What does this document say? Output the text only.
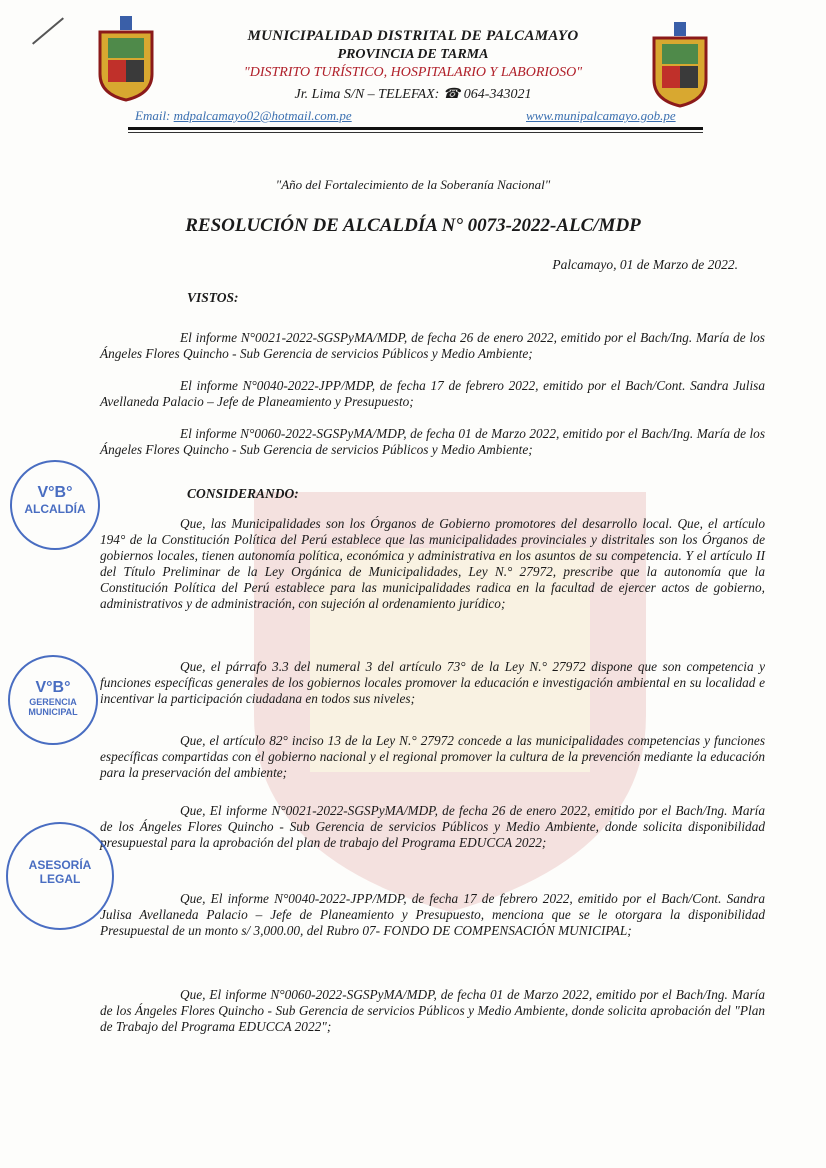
MUNICIPALIDAD DISTRITAL DE PALCAMAYO
PROVINCIA DE TARMA
"DISTRITO TURÍSTICO, HOSPITALARIO Y LABORIOSO"
Jr. Lima S/N – TELEFAX: ☎ 064-343021
Email: mdpalcamayo02@hotmail.com.pe	www.munipalcamayo.gob.pe
"Año del Fortalecimiento de la Soberanía Nacional"
RESOLUCIÓN DE ALCALDÍA N° 0073-2022-ALC/MDP
Palcamayo, 01 de Marzo de 2022.
VISTOS:
El informe N°0021-2022-SGSPyMA/MDP, de fecha 26 de enero 2022, emitido por el Bach/Ing. María de los Ángeles Flores Quincho - Sub Gerencia de servicios Públicos y Medio Ambiente;
El informe N°0040-2022-JPP/MDP, de fecha 17 de febrero 2022, emitido por el Bach/Cont. Sandra Julisa Avellaneda Palacio – Jefe de Planeamiento y Presupuesto;
El informe N°0060-2022-SGSPyMA/MDP, de fecha 01 de Marzo 2022, emitido por el Bach/Ing. María de los Ángeles Flores Quincho - Sub Gerencia de servicios Públicos y Medio Ambiente;
CONSIDERANDO:
Que, las Municipalidades son los Órganos de Gobierno promotores del desarrollo local. Que, el artículo 194° de la Constitución Política del Perú establece que las municipalidades provinciales y distritales son los Órganos de gobiernos locales, tienen autonomía política, económica y administrativa en los asuntos de su competencia. Y el artículo II del Título Preliminar de la Ley Orgánica de Municipalidades, Ley N.° 27972, prescribe que la autonomía que la Constitución Política del Perú establece para las municipalidades radica en la facultad de ejercer actos de gobierno, administrativos y de administración, con sujeción al ordenamiento jurídico;
Que, el párrafo 3.3 del numeral 3 del artículo 73° de la Ley N.° 27972 dispone que son competencia y funciones específicas generales de los gobiernos locales promover la educación e investigación ambiental en su localidad e incentivar la participación ciudadana en todos sus niveles;
Que, el artículo 82° inciso 13 de la Ley N.° 27972 concede a las municipalidades competencias y funciones específicas compartidas con el gobierno nacional y el regional promover la cultura de la prevención mediante la educación para la preservación del ambiente;
Que, El informe N°0021-2022-SGSPyMA/MDP, de fecha 26 de enero 2022, emitido por el Bach/Ing. María de los Ángeles Flores Quincho - Sub Gerencia de servicios Públicos y Medio Ambiente, donde solicita disponibilidad presupuestal para la aprobación del plan de trabajo del Programa EDUCCA 2022;
Que, El informe N°0040-2022-JPP/MDP, de fecha 17 de febrero 2022, emitido por el Bach/Cont. Sandra Julisa Avellaneda Palacio – Jefe de Planeamiento y Presupuesto, menciona que se le otorgara la disponibilidad Presupuestal de un monto s/ 3,000.00, del Rubro 07- FONDO DE COMPENSACIÓN MUNICIPAL;
Que, El informe N°0060-2022-SGSPyMA/MDP, de fecha 01 de Marzo 2022, emitido por el Bach/Ing. María de los Ángeles Flores Quincho - Sub Gerencia de servicios Públicos y Medio Ambiente, donde solicita aprobación del "Plan de Trabajo del Programa EDUCCA 2022";
V°B°
ALCALDÍA
V°B°
GERENCIA MUNICIPAL
ASESORÍA
LEGAL
